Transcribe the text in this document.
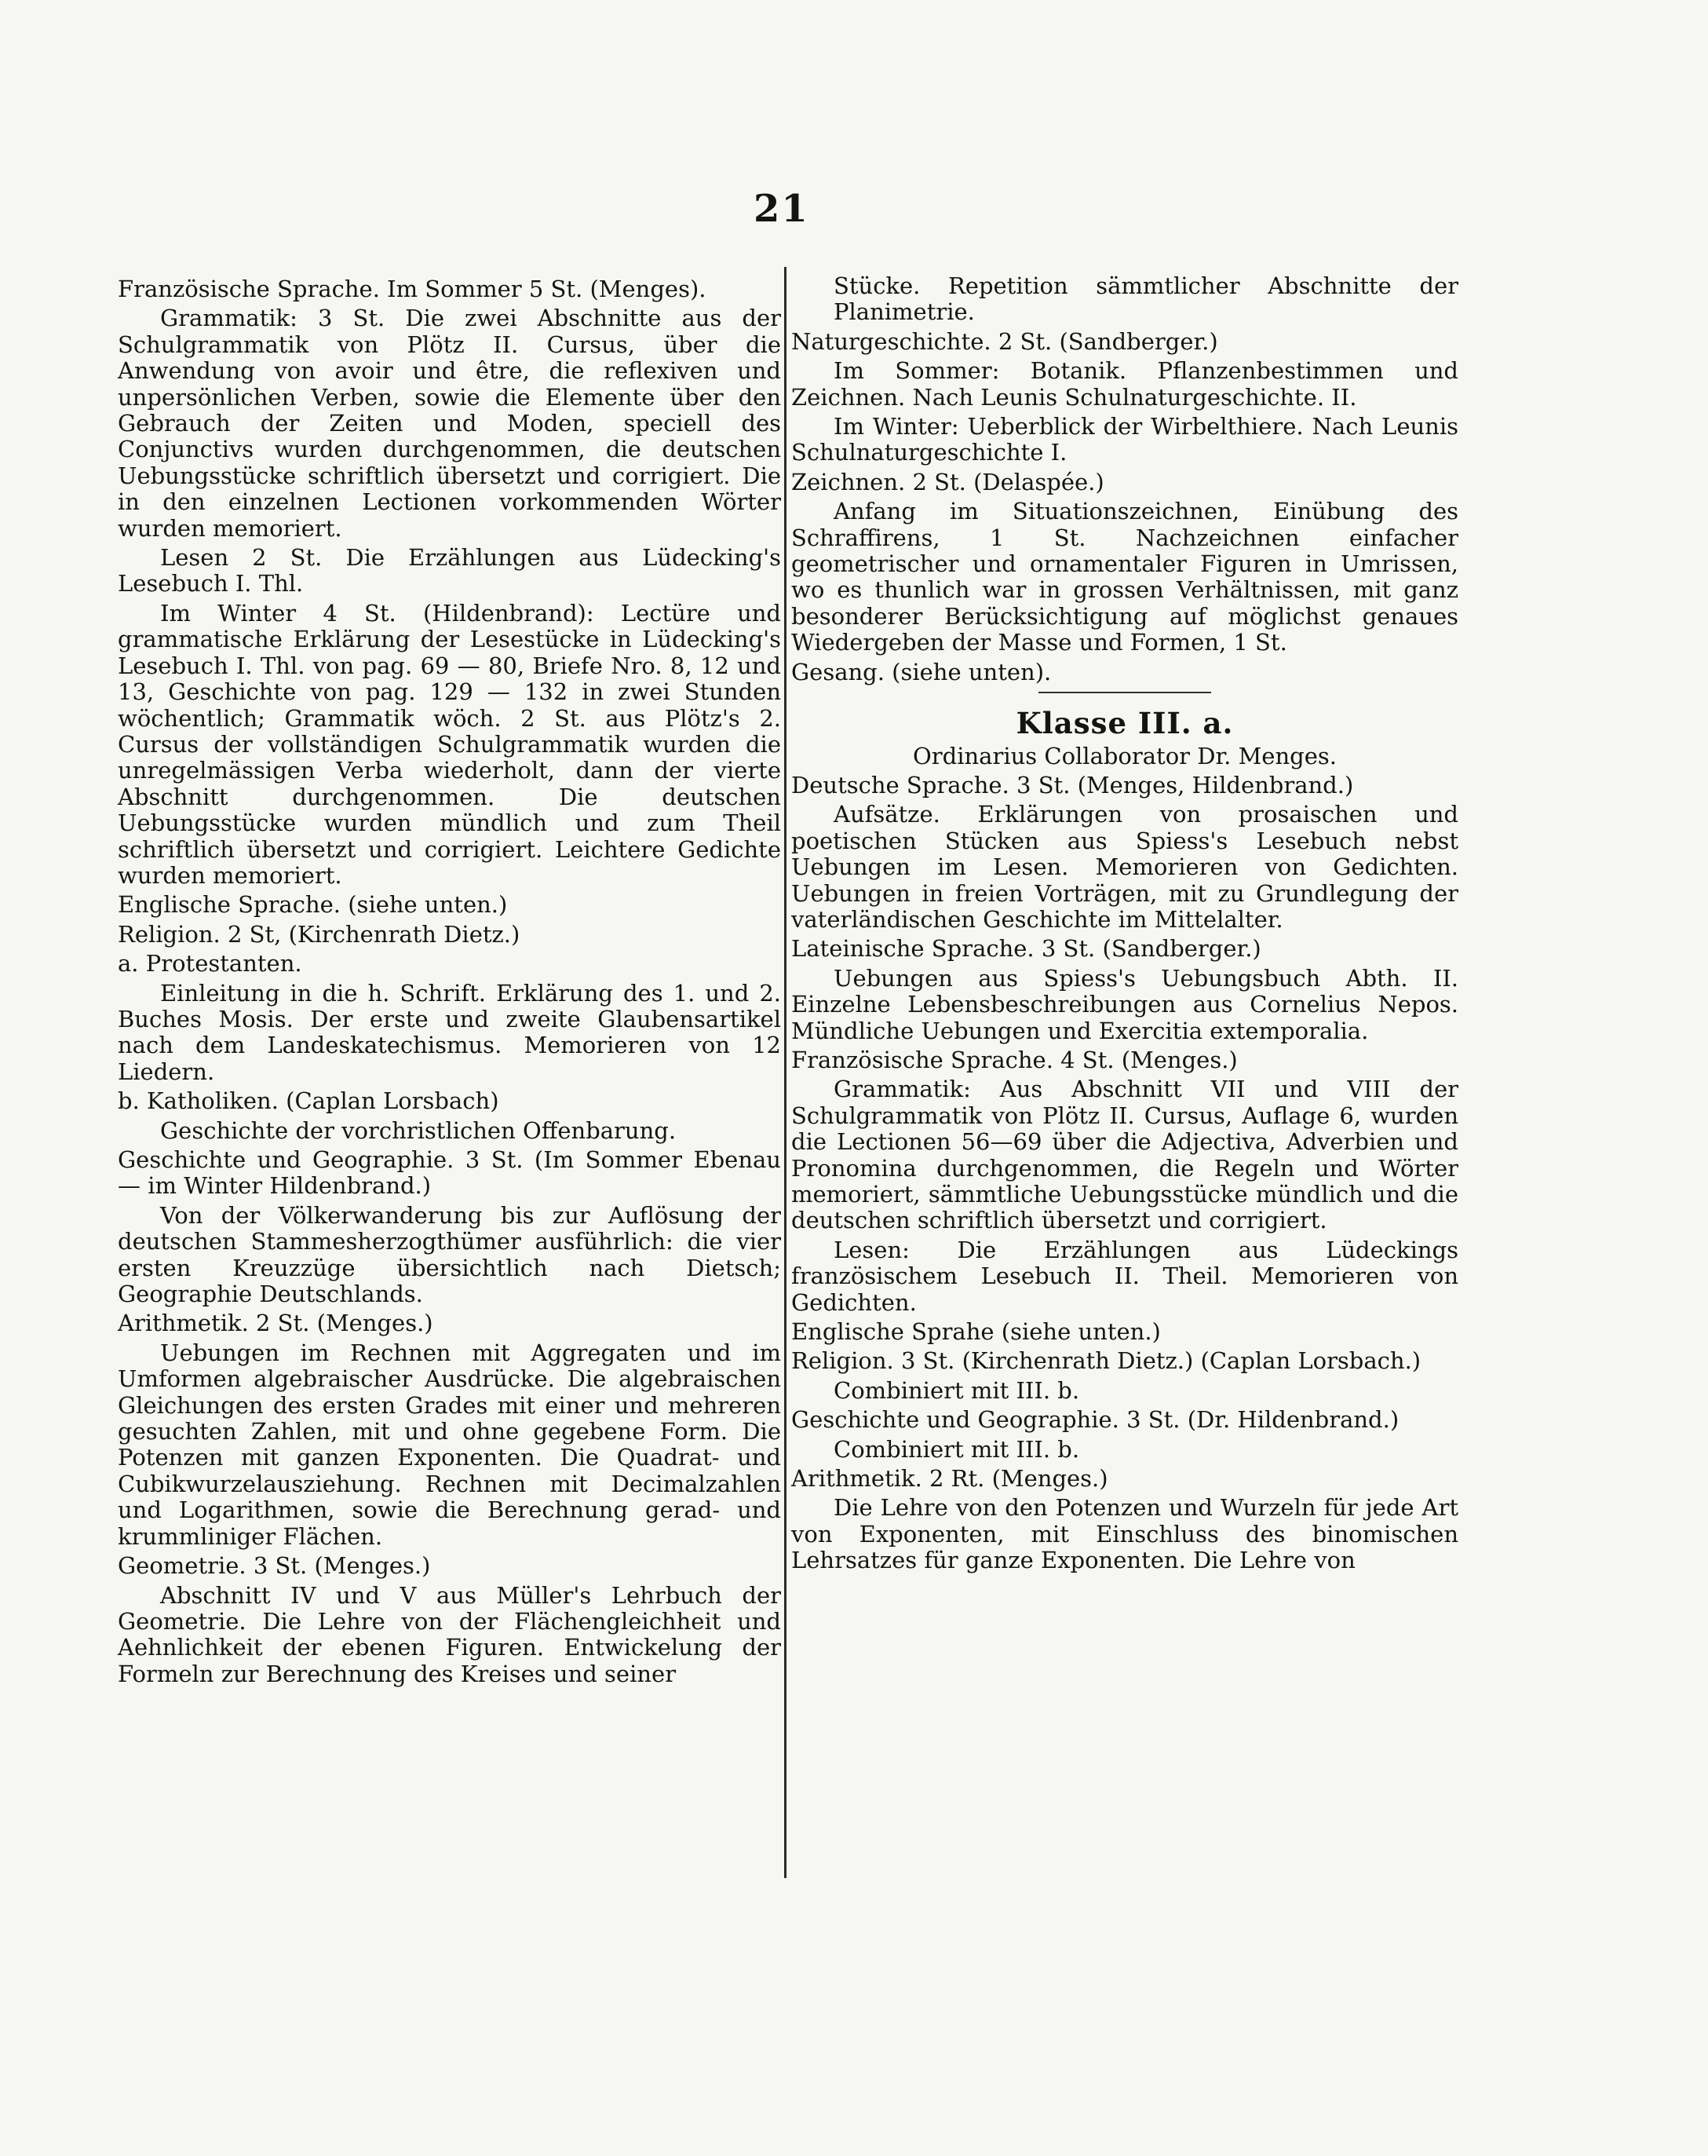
21

Französische Sprache. Im Sommer 5 St. (Menges).

Grammatik: 3 St. Die zwei Abschnitte aus der Schulgrammatik von Plötz II. Cursus, über die Anwendung von avoir und être, die reflexiven und unpersönlichen Verben, sowie die Elemente über den Gebrauch der Zeiten und Moden, speciell des Conjunctivs wurden durchgenommen, die deutschen Uebungsstücke schriftlich übersetzt und corrigiert. Die in den einzelnen Lectionen vorkommenden Wörter wurden memoriert.

Lesen 2 St. Die Erzählungen aus Lüdecking's Lesebuch I. Thl.

Im Winter 4 St. (Hildenbrand): Lectüre und grammatische Erklärung der Lesestücke in Lüdecking's Lesebuch I. Thl. von pag. 69 — 80, Briefe Nro. 8, 12 und 13, Geschichte von pag. 129 — 132 in zwei Stunden wöchentlich; Grammatik wöch. 2 St. aus Plötz's 2. Cursus der vollständigen Schulgrammatik wurden die unregelmässigen Verba wiederholt, dann der vierte Abschnitt durchgenommen. Die deutschen Uebungsstücke wurden mündlich und zum Theil schriftlich übersetzt und corrigiert. Leichtere Gedichte wurden memoriert.

Englische Sprache. (siehe unten.)

Religion. 2 St, (Kirchenrath Dietz.)

a. Protestanten.

Einleitung in die h. Schrift. Erklärung des 1. und 2. Buches Mosis. Der erste und zweite Glaubensartikel nach dem Landeskatechismus. Memorieren von 12 Liedern.

b. Katholiken. (Caplan Lorsbach)

Geschichte der vorchristlichen Offenbarung.

Geschichte und Geographie. 3 St. (Im Sommer Ebenau — im Winter Hildenbrand.)

Von der Völkerwanderung bis zur Auflösung der deutschen Stammesherzogthümer ausführlich: die vier ersten Kreuzzüge übersichtlich nach Dietsch; Geographie Deutschlands.

Arithmetik. 2 St. (Menges.)

Uebungen im Rechnen mit Aggregaten und im Umformen algebraischer Ausdrücke. Die algebraischen Gleichungen des ersten Grades mit einer und mehreren gesuchten Zahlen, mit und ohne gegebene Form. Die Potenzen mit ganzen Exponenten. Die Quadrat- und Cubikwurzelausziehung. Rechnen mit Decimalzahlen und Logarithmen, sowie die Berechnung gerad- und krummliniger Flächen.

Geometrie. 3 St. (Menges.)

Abschnitt IV und V aus Müller's Lehrbuch der Geometrie. Die Lehre von der Flächengleichheit und Aehnlichkeit der ebenen Figuren. Entwickelung der Formeln zur Berechnung des Kreises und seiner

Stücke. Repetition sämmtlicher Abschnitte der Planimetrie.

Naturgeschichte. 2 St. (Sandberger.)

Im Sommer: Botanik. Pflanzenbestimmen und Zeichnen. Nach Leunis Schulnaturgeschichte. II.

Im Winter: Ueberblick der Wirbelthiere. Nach Leunis Schulnaturgeschichte I.

Zeichnen. 2 St. (Delaspée.)

Anfang im Situationszeichnen, Einübung des Schraffirens, 1 St. Nachzeichnen einfacher geometrischer und ornamentaler Figuren in Umrissen, wo es thunlich war in grossen Verhältnissen, mit ganz besonderer Berücksichtigung auf möglichst genaues Wiedergeben der Masse und Formen, 1 St.

Gesang. (siehe unten).

Klasse III. a.

Ordinarius Collaborator Dr. Menges.

Deutsche Sprache. 3 St. (Menges, Hildenbrand.)

Aufsätze. Erklärungen von prosaischen und poetischen Stücken aus Spiess's Lesebuch nebst Uebungen im Lesen. Memorieren von Gedichten. Uebungen in freien Vorträgen, mit zu Grundlegung der vaterländischen Geschichte im Mittelalter.

Lateinische Sprache. 3 St. (Sandberger.)

Uebungen aus Spiess's Uebungsbuch Abth. II. Einzelne Lebensbeschreibungen aus Cornelius Nepos. Mündliche Uebungen und Exercitia extemporalia.

Französische Sprache. 4 St. (Menges.)

Grammatik: Aus Abschnitt VII und VIII der Schulgrammatik von Plötz II. Cursus, Auflage 6, wurden die Lectionen 56—69 über die Adjectiva, Adverbien und Pronomina durchgenommen, die Regeln und Wörter memoriert, sämmtliche Uebungsstücke mündlich und die deutschen schriftlich übersetzt und corrigiert.

Lesen: Die Erzählungen aus Lüdeckings französischem Lesebuch II. Theil. Memorieren von Gedichten.

Englische Sprahe (siehe unten.)

Religion. 3 St. (Kirchenrath Dietz.) (Caplan Lorsbach.)

Combiniert mit III. b.

Geschichte und Geographie. 3 St. (Dr. Hildenbrand.)

Combiniert mit III. b.

Arithmetik. 2 Rt. (Menges.)

Die Lehre von den Potenzen und Wurzeln für jede Art von Exponenten, mit Einschluss des binomischen Lehrsatzes für ganze Exponenten. Die Lehre von
